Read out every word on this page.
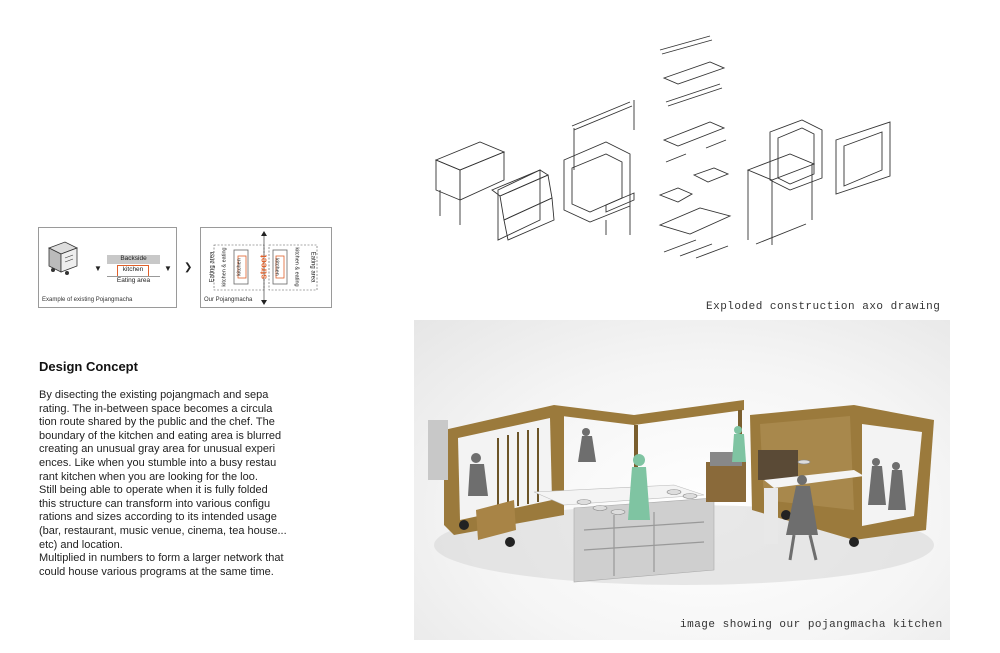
▼	▼
Backside
kitchen
Eating area
Example of existing Pojangmacha
❯	Eating area kitchen & eating kitchen street kitchen	kitchen & eating Eating area
Our Pojangmacha
Exploded construction axo drawing
Design Concept

By disecting the existing pojangmach and sepa
rating. The in-between space becomes a circula
tion route shared by the public and the chef. The
boundary of the kitchen and eating area is blurred
creating an unusual gray area for unusual experi
ences. Like when you stumble into a busy restau
rant kitchen when you are looking for the loo.

Still being able to operate when it is fully folded
this structure can transform into various configu
rations and sizes according to its intended usage
(bar, restaurant, music venue, cinema, tea house...
etc) and location.

Multiplied in numbers to form a larger network that
could house various programs at the same time.

image showing our pojangmacha kitchen
